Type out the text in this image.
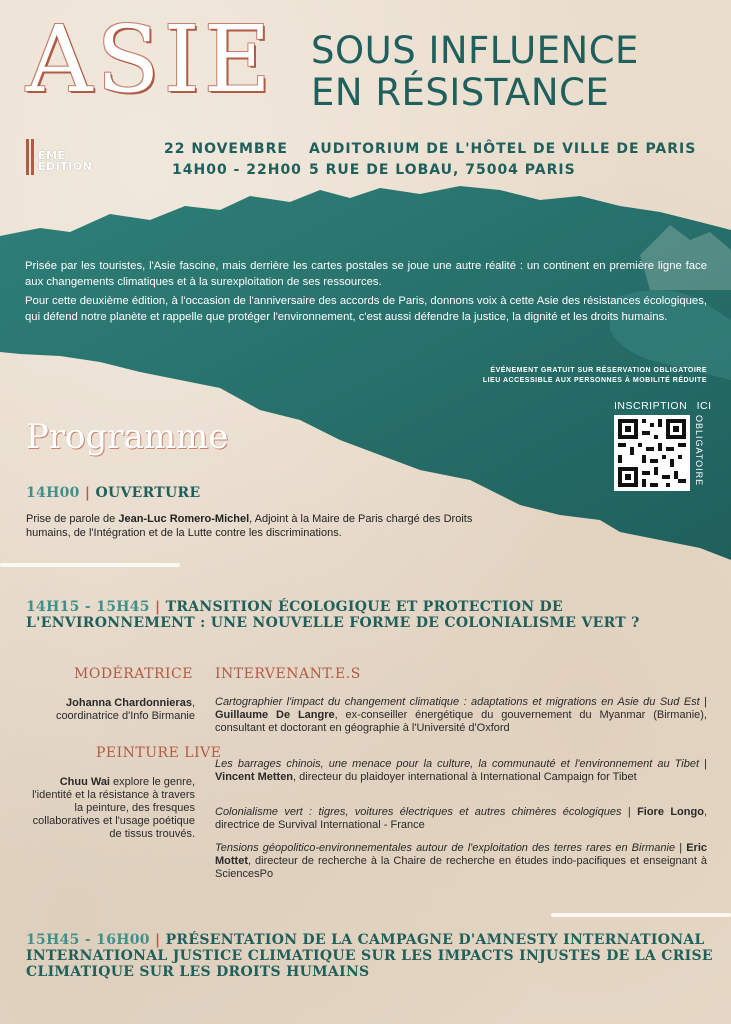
ASIE SOUS INFLUENCE
EN RÉSISTANCE
ÈME
EDITION
22 NOVEMBRE
14H00 - 22H00
AUDITORIUM DE L'HÔTEL DE VILLE DE PARIS
5 RUE DE LOBAU, 75004 PARIS
Prisée par les touristes, l'Asie fascine, mais derrière les cartes postales se joue une autre réalité : un continent en première ligne face aux changements climatiques et à la surexploitation de ses ressources.
Pour cette deuxième édition, à l'occasion de l'anniversaire des accords de Paris, donnons voix à cette Asie des résistances écologiques, qui défend notre planète et rappelle que protéger l'environnement, c'est aussi défendre la justice, la dignité et les droits humains.
ÉVÉNEMENT GRATUIT SUR RÉSERVATION OBLIGATOIRE
LIEU ACCESSIBLE AUX PERSONNES À MOBILITÉ RÉDUITE
INSCRIPTION ICI
OBLIGATOIRE
Programme
14H00 | OUVERTURE
Prise de parole de Jean-Luc Romero-Michel, Adjoint à la Maire de Paris chargé des Droits humains, de l'Intégration et de la Lutte contre les discriminations.
14H15 - 15H45 | TRANSITION ÉCOLOGIQUE ET PROTECTION DE L'ENVIRONNEMENT : UNE NOUVELLE FORME DE COLONIALISME VERT ?
MODÉRATRICE
Johanna Chardonnieras,
coordinatrice d'Info Birmanie
PEINTURE LIVE
Chuu Wai explore le genre, l'identité et la résistance à travers la peinture, des fresques collaboratives et l'usage poétique de tissus trouvés.
INTERVENANT.E.S
Cartographier l'impact du changement climatique : adaptations et migrations en Asie du Sud Est | Guillaume De Langre, ex-conseiller énergétique du gouvernement du Myanmar (Birmanie), consultant et doctorant en géographie à l'Université d'Oxford
Les barrages chinois, une menace pour la culture, la communauté et l'environnement au Tibet | Vincent Metten, directeur du plaidoyer international à International Campaign for Tibet
Colonialisme vert : tigres, voitures électriques et autres chimères écologiques | Fiore Longo, directrice de Survival International - France
Tensions géopolitico-environnementales autour de l'exploitation des terres rares en Birmanie | Eric Mottet, directeur de recherche à la Chaire de recherche en études indo-pacifiques et enseignant à SciencesPo
15H45 - 16H00 | PRÉSENTATION DE LA CAMPAGNE D'AMNESTY INTERNATIONAL INTERNATIONAL JUSTICE CLIMATIQUE SUR LES IMPACTS INJUSTES DE LA CRISE CLIMATIQUE SUR LES DROITS HUMAINS
